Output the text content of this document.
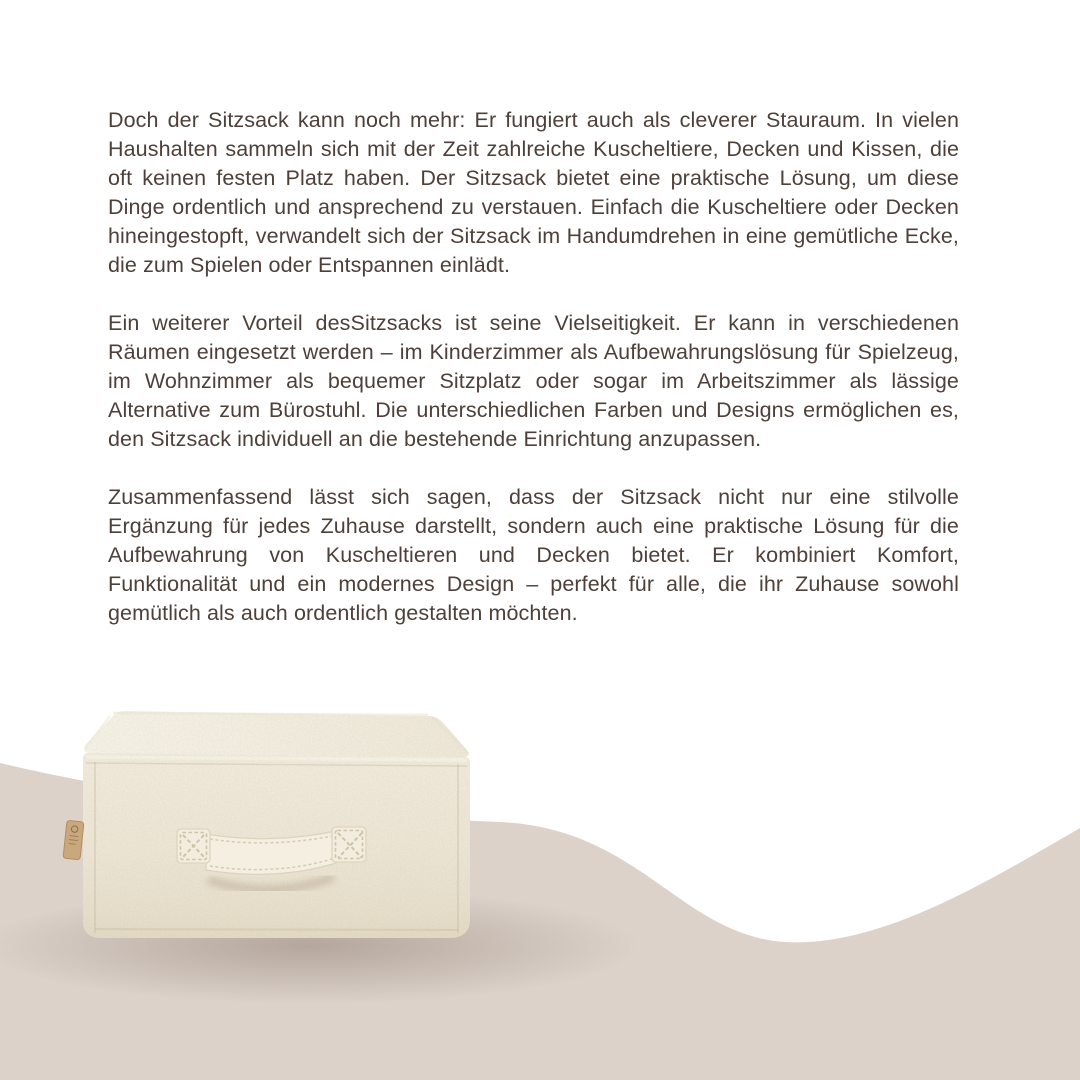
Doch der Sitzsack kann noch mehr: Er fungiert auch als cleverer Stauraum. In vielen Haushalten sammeln sich mit der Zeit zahlreiche Kuscheltiere, Decken und Kissen, die oft keinen festen Platz haben. Der Sitzsack bietet eine praktische Lösung, um diese Dinge ordentlich und ansprechend zu verstauen. Einfach die Kuscheltiere oder Decken hineingestopft, verwandelt sich der Sitzsack im Handumdrehen in eine gemütliche Ecke, die zum Spielen oder Entspannen einlädt.

Ein weiterer Vorteil desSitzsacks ist seine Vielseitigkeit. Er kann in verschiedenen Räumen eingesetzt werden – im Kinderzimmer als Aufbewahrungslösung für Spielzeug, im Wohnzimmer als bequemer Sitzplatz oder sogar im Arbeitszimmer als lässige Alternative zum Bürostuhl. Die unterschiedlichen Farben und Designs ermöglichen es, den Sitzsack individuell an die bestehende Einrichtung anzupassen.

Zusammenfassend lässt sich sagen, dass der Sitzsack nicht nur eine stilvolle Ergänzung für jedes Zuhause darstellt, sondern auch eine praktische Lösung für die Aufbewahrung von Kuscheltieren und Decken bietet. Er kombiniert Komfort, Funktionalität und ein modernes Design – perfekt für alle, die ihr Zuhause sowohl gemütlich als auch ordentlich gestalten möchten.
